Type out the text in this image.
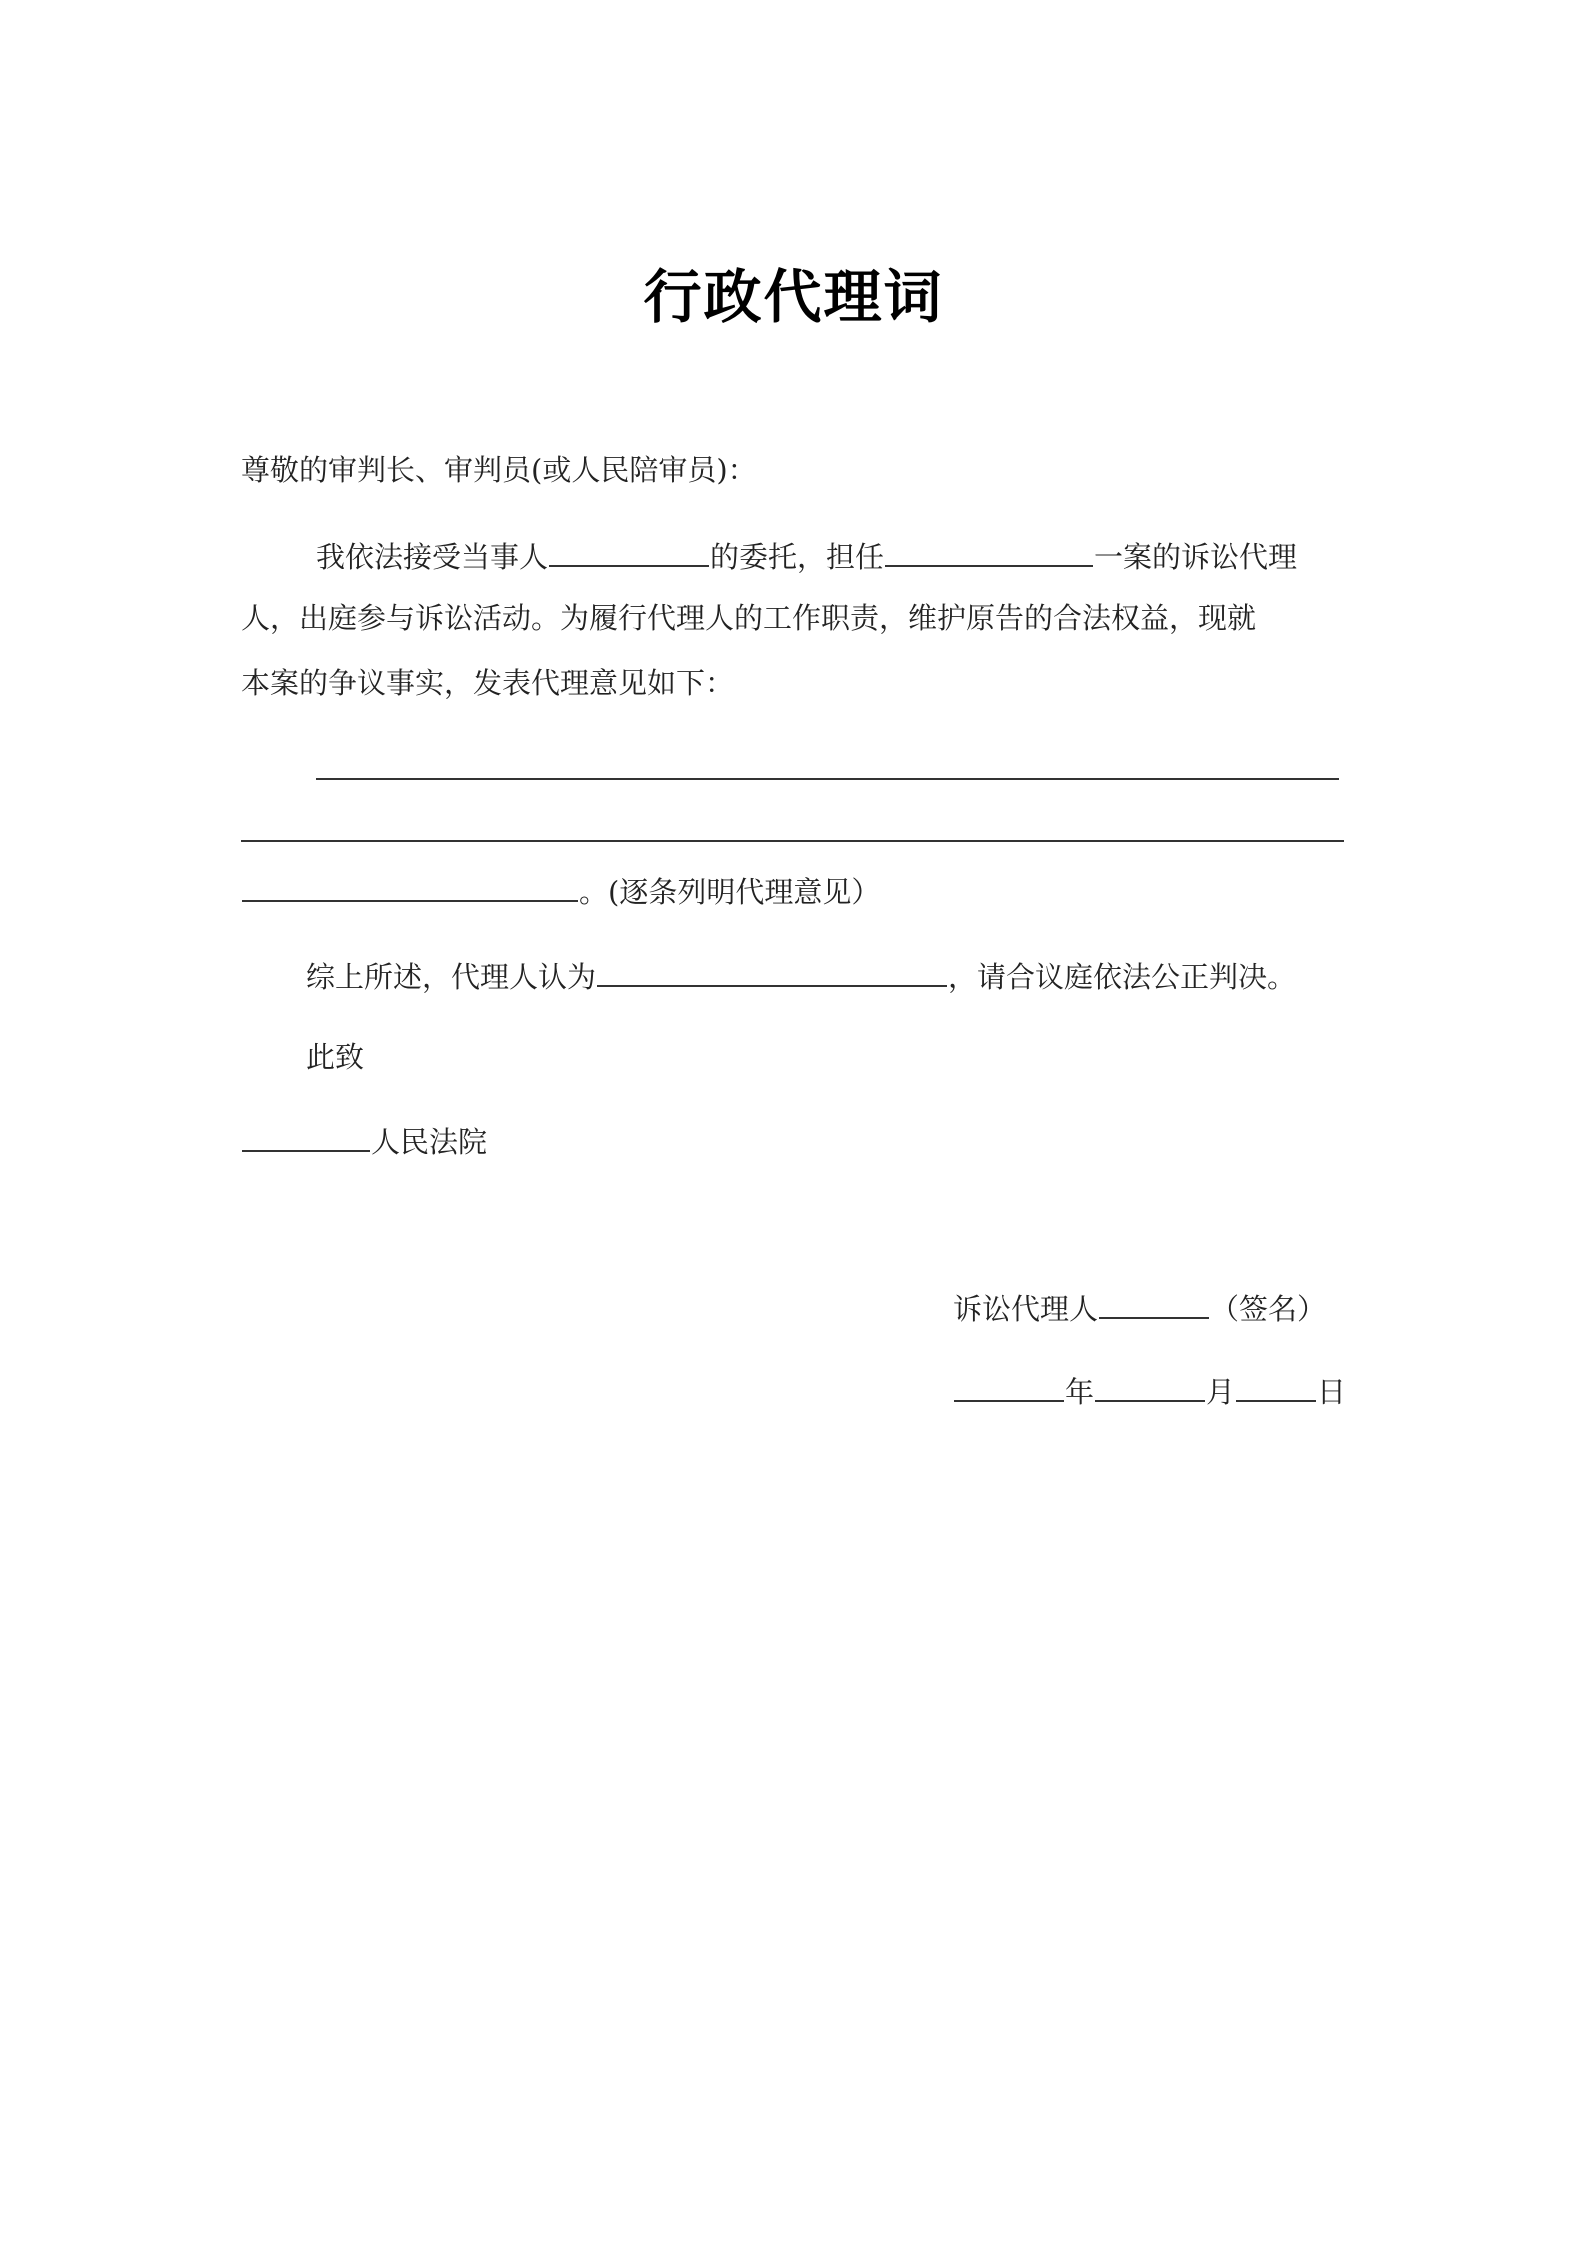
行政代理词
尊敬的审判长、审判员(或人民陪审员)：
我依法接受当事人	的委托，担任	一案的诉讼代理
人，出庭参与诉讼活动。为履行代理人的工作职责，维护原告的合法权益，现就
本案的争议事实，发表代理意见如下：
。(逐条列明代理意见）
综上所述，代理人认为	，请合议庭依法公正判决。
此致
人民法院
诉讼代理人	（签名）
年	月	日
